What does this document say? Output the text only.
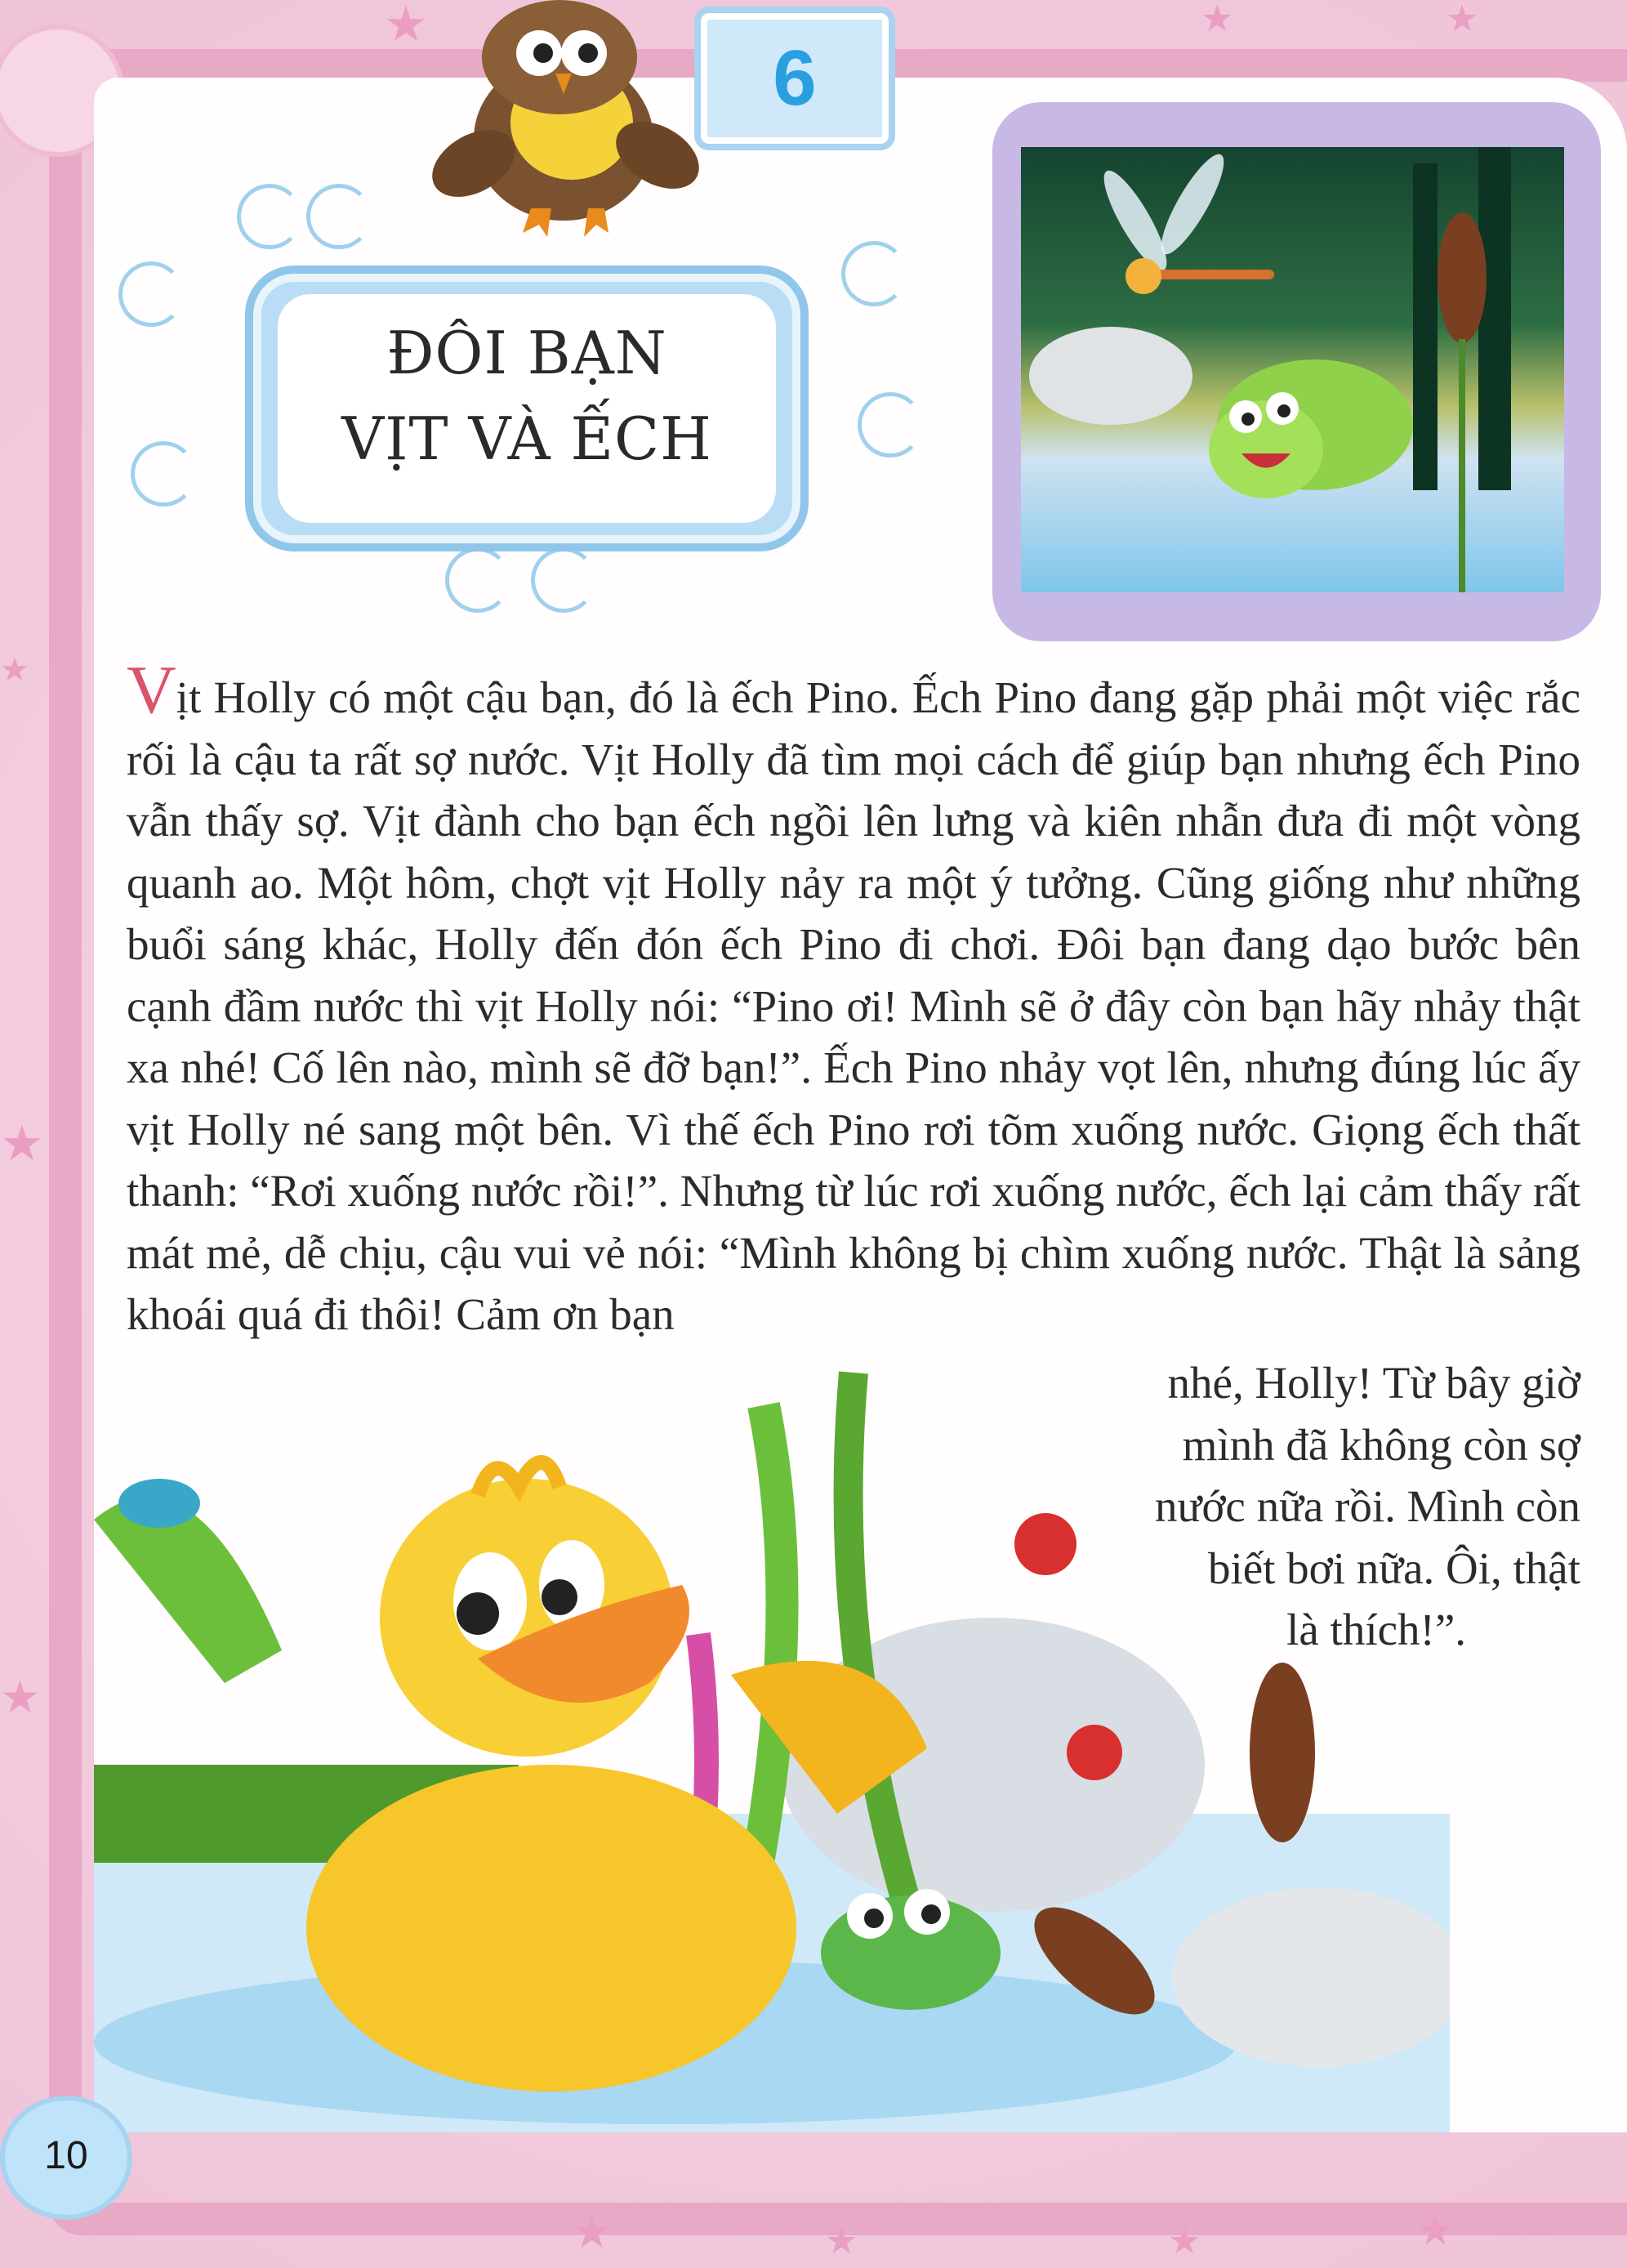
★	★	★
★
★
★
★	★	★	★
6
ĐÔI BẠN
VỊT VÀ ẾCH

Vịt Holly có một cậu bạn, đó là ếch Pino. Ếch Pino đang gặp phải một việc rắc rối là cậu ta rất sợ nước. Vịt Holly đã tìm mọi cách để giúp bạn nhưng ếch Pino vẫn thấy sợ. Vịt đành cho bạn ếch ngồi lên lưng và kiên nhẫn đưa đi một vòng quanh ao. Một hôm, chợt vịt Holly nảy ra một ý tưởng. Cũng giống như những buổi sáng khác, Holly đến đón ếch Pino đi chơi. Đôi bạn đang dạo bước bên cạnh đầm nước thì vịt Holly nói: “Pino ơi! Mình sẽ ở đây còn bạn hãy nhảy thật xa nhé! Cố lên nào, mình sẽ đỡ bạn!”. Ếch Pino nhảy vọt lên, nhưng đúng lúc ấy vịt Holly né sang một bên. Vì thế ếch Pino rơi tõm xuống nước. Giọng ếch thất thanh: “Rơi xuống nước rồi!”. Nhưng từ lúc rơi xuống nước, ếch lại cảm thấy rất mát mẻ, dễ chịu, cậu vui vẻ nói: “Mình không bị chìm xuống nước. Thật là sảng khoái quá đi thôi! Cảm ơn bạn

nhé, Holly! Từ bây giờ

mình đã không còn sợ

nước nữa rồi. Mình còn

biết bơi nữa. Ôi, thật

là thích!”.

10
